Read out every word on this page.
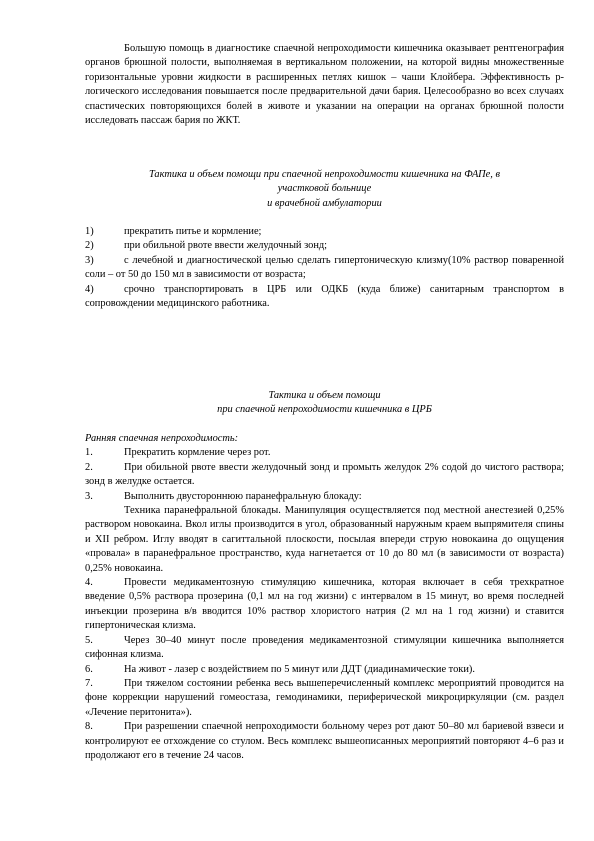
Большую помощь в диагностике спаечной непроходимости кишечника оказывает рентгенография органов брюшной полости, выполняемая в вертикальном положении, на которой видны множественные горизонтальные уровни жидкости в расширенных петлях кишок – чаши Клойбера. Эффективность р-логического исследования повышается после предварительной дачи бария. Целесообразно во всех случаях спастических повторяющихся болей в животе и указании на операции на органах брюшной полости исследовать пассаж бария по ЖКТ.

Тактика и объем помощи при спаечной непроходимости кишечника на ФАПе, в

участковой больнице

и врачебной амбулатории

1)	прекратить питье и кормление;
2)	при обильной рвоте ввести желудочный зонд;

3)	с лечебной и диагностической целью сделать гипертоническую клизму(10% раствор поваренной соли – от 50 до 150 мл в зависимости от возраста;

4)	срочно транспортировать в ЦРБ или ОДКБ (куда ближе) санитарным транспортом в сопровождении медицинского работника.

Тактика и объем помощи

при спаечной непроходимости кишечника в ЦРБ

Ранняя спаечная непроходимость:

1.	Прекратить кормление через рот.

2.	При обильной рвоте ввести желудочный зонд и промыть желудок 2% содой до чистого раствора; зонд в желудке остается.

3.	Выполнить двустороннюю паранефральную блокаду:

Техника паранефральной блокады. Манипуляция осуществляется под местной анестезией 0,25% раствором новокаина. Вкол иглы производится в угол, образованный наружным краем выпрямителя спины и XII ребром. Иглу вводят в сагиттальной плоскости, посылая впереди струю новокаина до ощущения «провала» в паранефральное пространство, куда нагнетается от 10 до 80 мл (в зависимости от возраста) 0,25% новокаина.

4.	Провести медикаментозную стимуляцию кишечника, которая включает в себя трехкратное введение 0,5% раствора прозерина (0,1 мл на год жизни) с интервалом в 15 минут, во время последней инъекции прозерина в/в вводится 10% раствор хлористого натрия (2 мл на 1 год жизни) и ставится гипертоническая клизма.

5.	Через 30–40 минут после проведения медикаментозной стимуляции кишечника выполняется сифонная клизма.

6.	На живот - лазер с воздействием по 5 минут или ДДТ (диадинамические токи).

7.	При тяжелом состоянии ребенка весь вышеперечисленный комплекс мероприятий проводится на фоне коррекции нарушений гомеостаза, гемодинамики, периферической микроциркуляции (см. раздел «Лечение перитонита»).

8.	При разрешении спаечной непроходимости больному через рот дают 50–80 мл бариевой взвеси и контролируют ее отхождение со стулом. Весь комплекс вышеописанных мероприятий повторяют 4–6 раз и продолжают его в течение 24 часов.
